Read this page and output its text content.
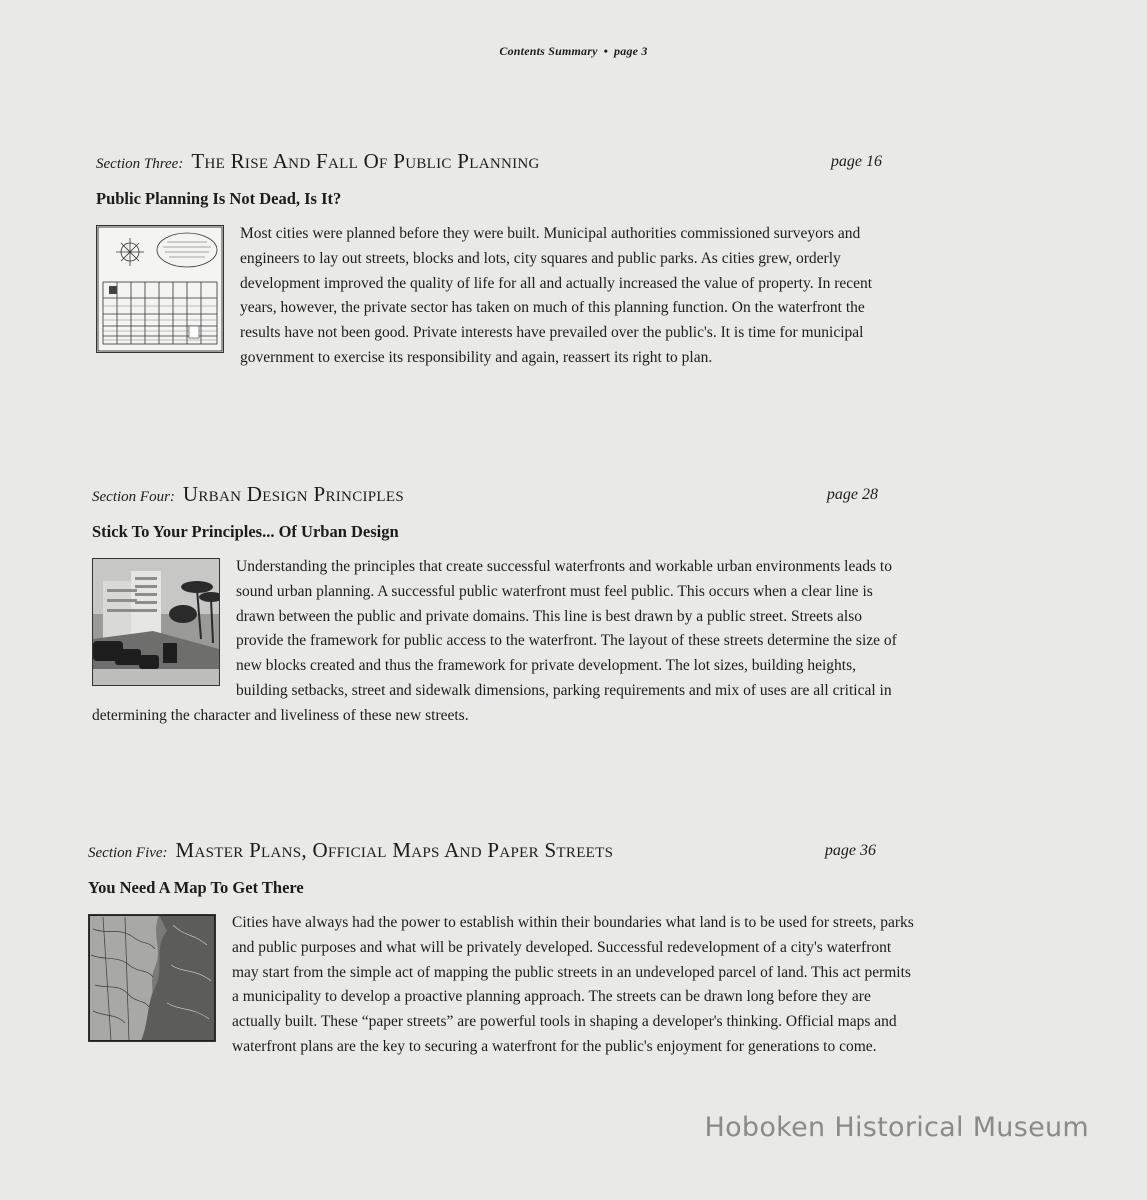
Contents Summary • page 3
Section Three: The Rise And Fall Of Public Planning	page 16
Public Planning Is Not Dead, Is It?

Most cities were planned before they were built. Municipal authorities commissioned surveyors and engineers to lay out streets, blocks and lots, city squares and public parks. As cities grew, orderly development improved the quality of life for all and actually increased the value of property. In recent years, however, the private sector has taken on much of this planning function. On the waterfront the results have not been good. Private interests have prevailed over the public's. It is time for municipal government to exercise its responsibility and again, reassert its right to plan.

Section Four: Urban Design Principles	page 28
Stick To Your Principles... Of Urban Design

Understanding the principles that create successful waterfronts and workable urban environments leads to sound urban planning. A successful public waterfront must feel public. This occurs when a clear line is drawn between the public and private domains. This line is best drawn by a public street. Streets also provide the framework for public access to the waterfront. The layout of these streets determine the size of new blocks created and thus the framework for private development. The lot sizes, building heights, building setbacks, street and sidewalk dimensions, parking requirements and mix of uses are all critical in determining the character and liveliness of these new streets.

Section Five: Master Plans, Official Maps And Paper Streets	page 36
You Need A Map To Get There

Cities have always had the power to establish within their boundaries what land is to be used for streets, parks and public purposes and what will be privately developed. Successful redevelopment of a city's waterfront may start from the simple act of mapping the public streets in an undeveloped parcel of land. This act permits a municipality to develop a proactive planning approach. The streets can be drawn long before they are actually built. These “paper streets” are powerful tools in shaping a developer's thinking. Official maps and waterfront plans are the key to securing a waterfront for the public's enjoyment for generations to come.

Hoboken Historical Museum
